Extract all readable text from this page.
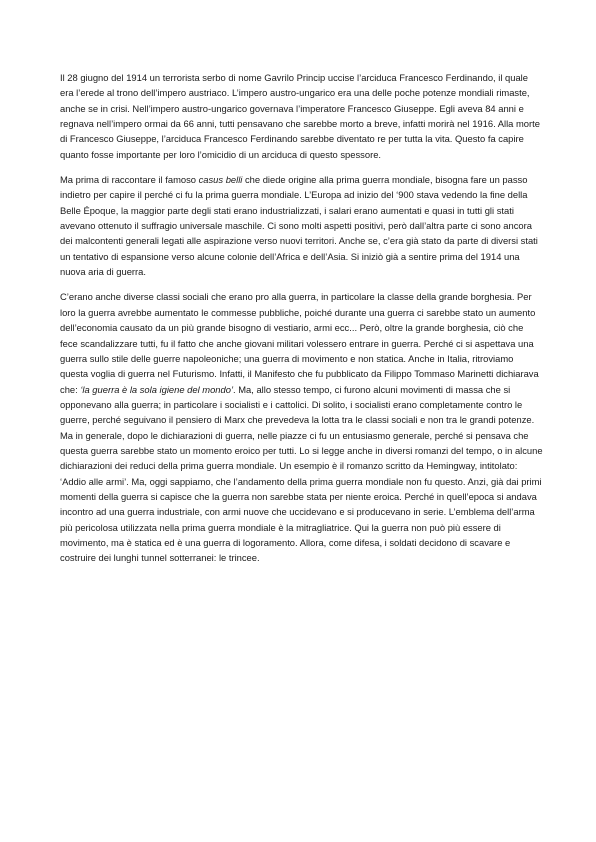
Il 28 giugno del 1914 un terrorista serbo di nome Gavrilo Princip uccise l’arciduca Francesco Ferdinando, il quale era l’erede al trono dell’impero austriaco. L’impero austro-ungarico era una delle poche potenze mondiali rimaste, anche se in crisi. Nell’impero austro-ungarico governava l’imperatore Francesco Giuseppe. Egli aveva 84 anni e regnava nell’impero ormai da 66 anni, tutti pensavano che sarebbe morto a breve, infatti morirà nel 1916. Alla morte di Francesco Giuseppe, l’arciduca Francesco Ferdinando sarebbe diventato re per tutta la vita. Questo fa capire quanto fosse importante per loro l’omicidio di un arciduca di questo spessore.

Ma prima di raccontare il famoso casus belli che diede origine alla prima guerra mondiale, bisogna fare un passo indietro per capire il perché ci fu la prima guerra mondiale. L’Europa ad inizio del ‘900 stava vedendo la fine della Belle Époque, la maggior parte degli stati erano industrializzati, i salari erano aumentati e quasi in tutti gli stati avevano ottenuto il suffragio universale maschile. Ci sono molti aspetti positivi, però dall’altra parte ci sono ancora dei malcontenti generali legati alle aspirazione verso nuovi territori. Anche se, c’era già stato da parte di diversi stati un tentativo di espansione verso alcune colonie dell’Africa e dell’Asia. Si iniziò già a sentire prima del 1914 una nuova aria di guerra.

C’erano anche diverse classi sociali che erano pro alla guerra, in particolare la classe della grande borghesia. Per loro la guerra avrebbe aumentato le commesse pubbliche, poiché durante una guerra ci sarebbe stato un aumento dell’economia causato da un più grande bisogno di vestiario, armi ecc... Però, oltre la grande borghesia, ciò che fece scandalizzare tutti, fu il fatto che anche giovani militari volessero entrare in guerra. Perché ci si aspettava una guerra sullo stile delle guerre napoleoniche; una guerra di movimento e non statica. Anche in Italia, ritroviamo questa voglia di guerra nel Futurismo. Infatti, il Manifesto che fu pubblicato da Filippo Tommaso Marinetti dichiarava che: ‘la guerra è la sola igiene del mondo’. Ma, allo stesso tempo, ci furono alcuni movimenti di massa che si opponevano alla guerra; in particolare i socialisti e i cattolici. Di solito, i socialisti erano completamente contro le guerre, perché seguivano il pensiero di Marx che prevedeva la lotta tra le classi sociali e non tra le grandi potenze. Ma in generale, dopo le dichiarazioni di guerra, nelle piazze ci fu un entusiasmo generale, perché si pensava che questa guerra sarebbe stato un momento eroico per tutti. Lo si legge anche in diversi romanzi del tempo, o in alcune dichiarazioni dei reduci della prima guerra mondiale. Un esempio è il romanzo scritto da Hemingway, intitolato: ‘Addio alle armi’. Ma, oggi sappiamo, che l’andamento della prima guerra mondiale non fu questo. Anzi, già dai primi momenti della guerra si capisce che la guerra non sarebbe stata per niente eroica. Perché in quell’epoca si andava incontro ad una guerra industriale, con armi nuove che uccidevano e si producevano in serie. L’emblema dell’arma più pericolosa utilizzata nella prima guerra mondiale è la mitragliatrice. Qui la guerra non può più essere di movimento, ma è statica ed è una guerra di logoramento. Allora, come difesa, i soldati decidono di scavare e costruire dei lunghi tunnel sotterranei: le trincee.
